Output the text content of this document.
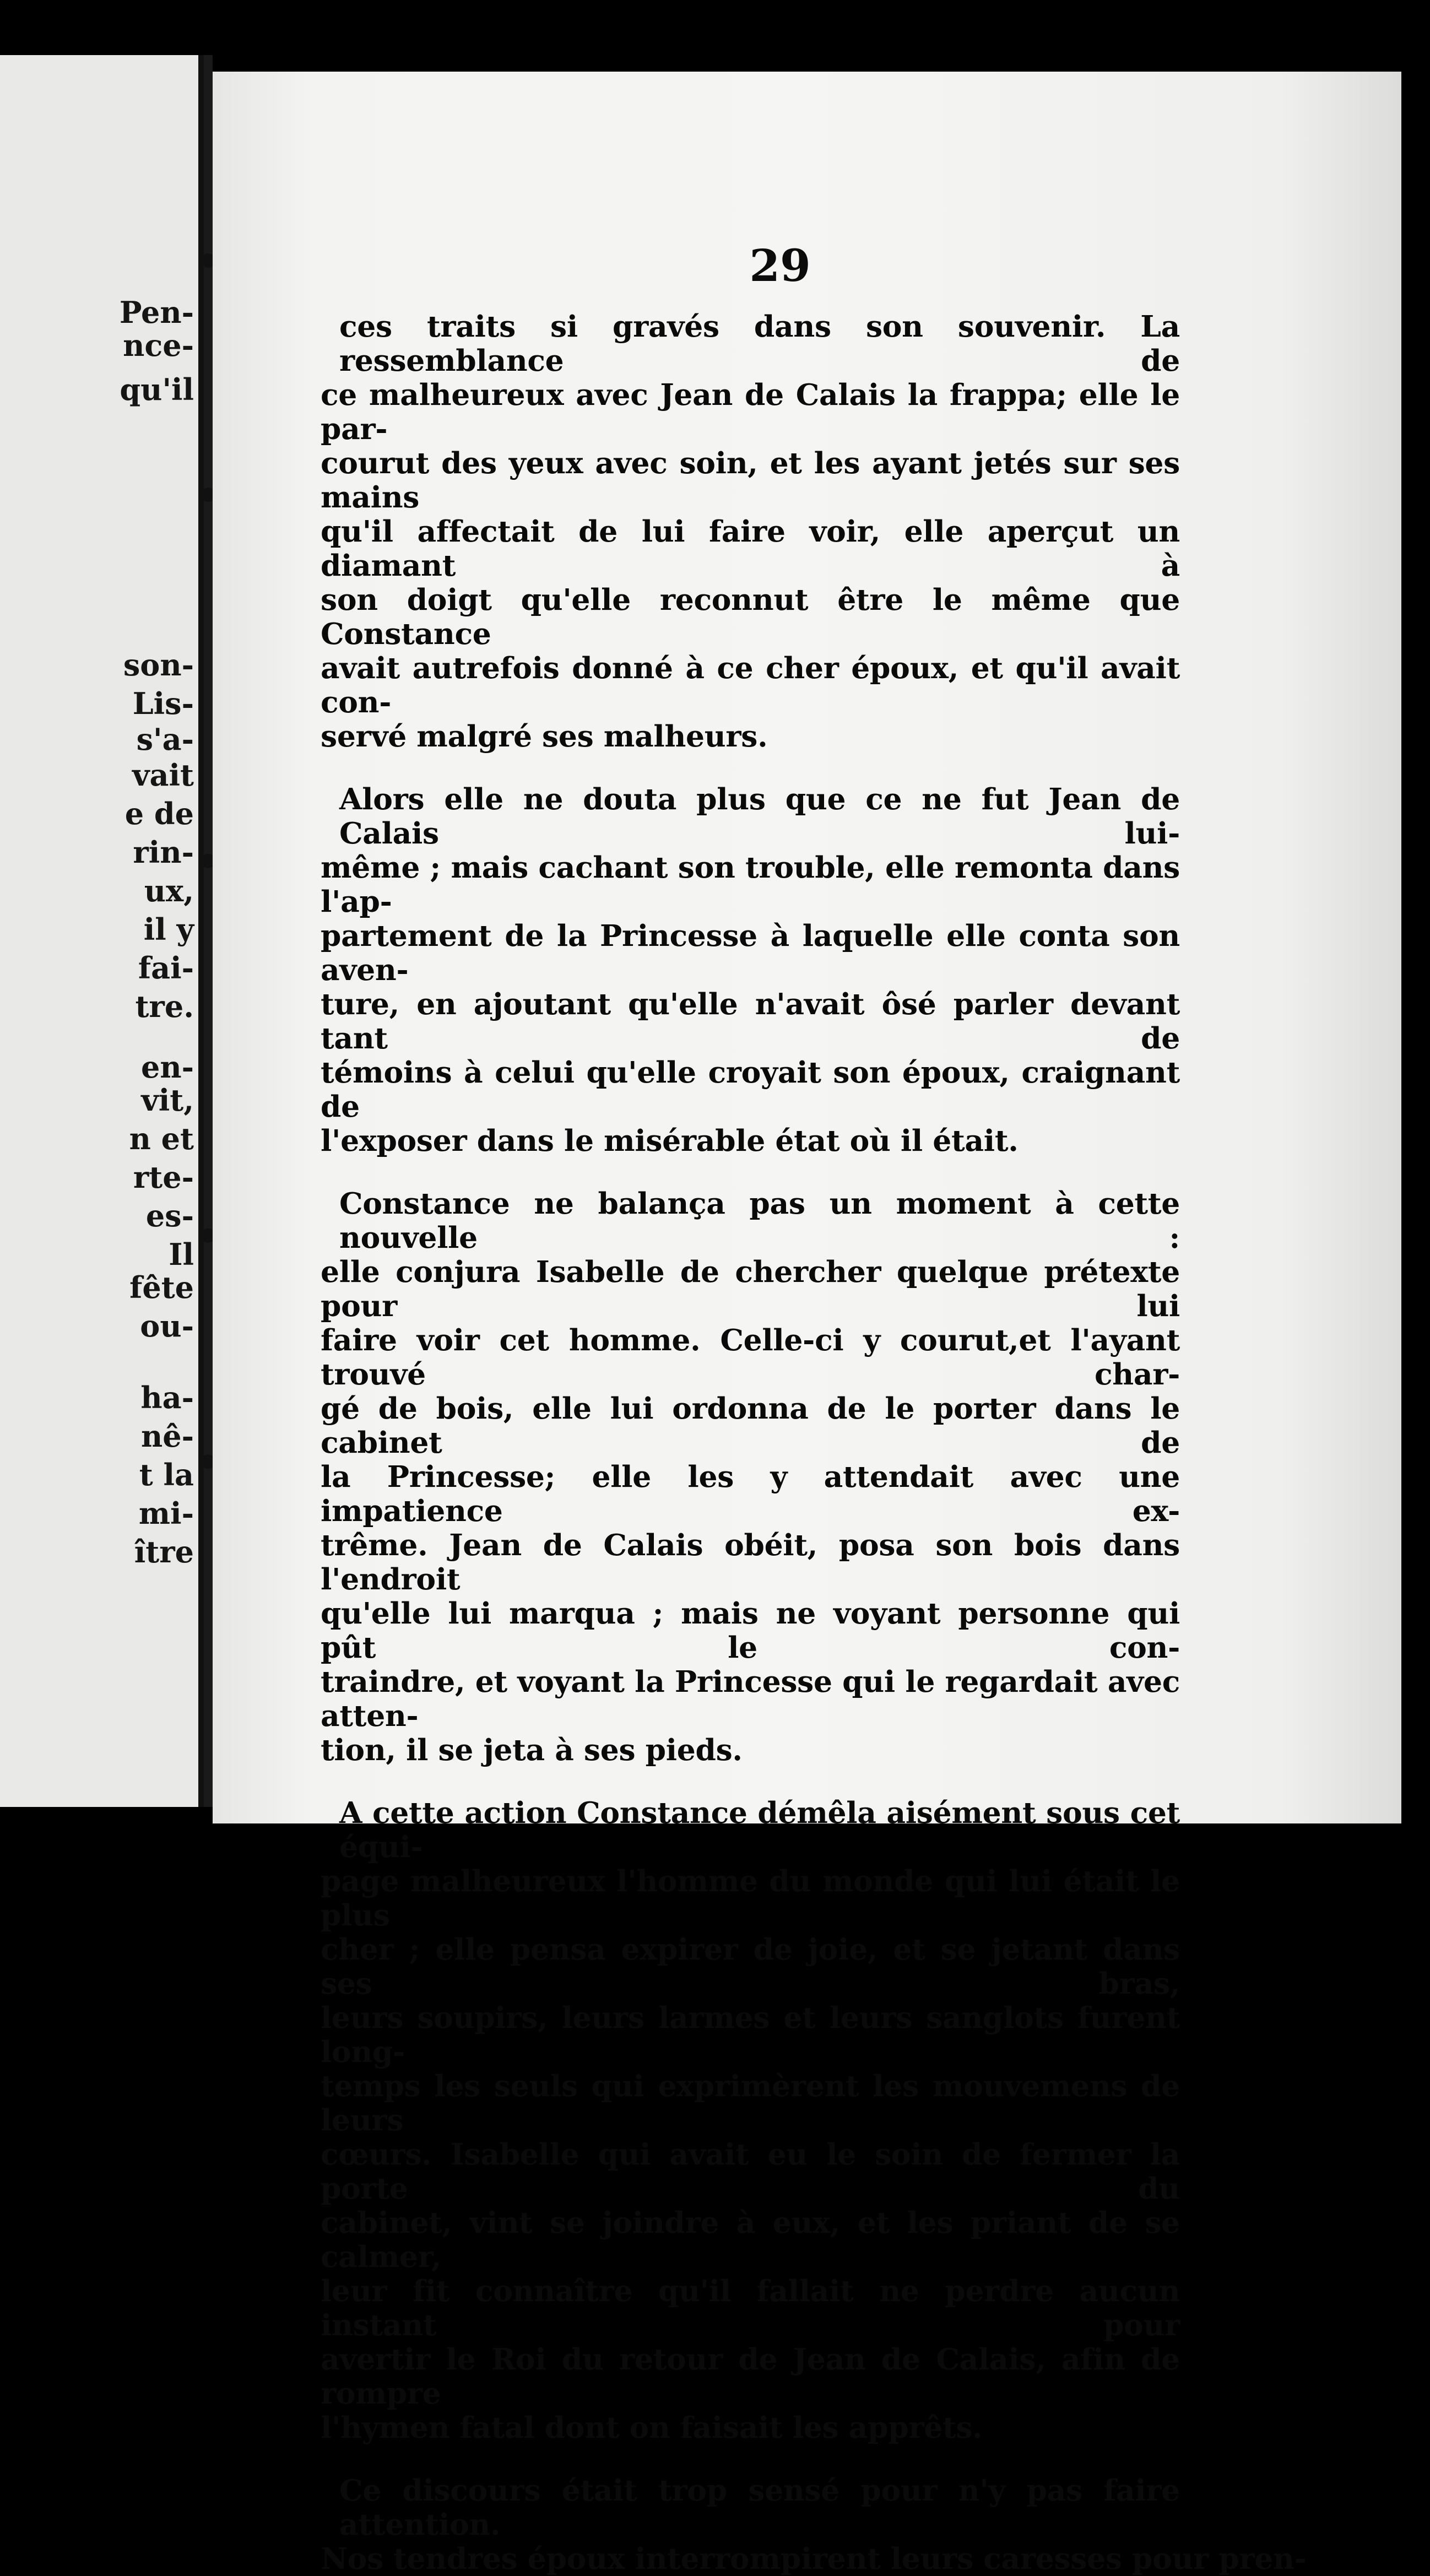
Pen-
nce-
qu'il
son-
Lis-
s'a-
vait
e de
rin-
ux,
il y
fai-
tre.
en-
vit,
n et
rte-
es-
Il
fête
ou-
ha-
nê-
t la
mi-
ître
29
ces traits si gravés dans son souvenir. La ressemblance de
ce malheureux avec Jean de Calais la frappa; elle le par-
courut des yeux avec soin, et les ayant jetés sur ses mains
qu'il affectait de lui faire voir, elle aperçut un diamant à
son doigt qu'elle reconnut être le même que Constance
avait autrefois donné à ce cher époux, et qu'il avait con-
servé malgré ses malheurs.
Alors elle ne douta plus que ce ne fut Jean de Calais lui-
même ; mais cachant son trouble, elle remonta dans l'ap-
partement de la Princesse à laquelle elle conta son aven-
ture, en ajoutant qu'elle n'avait ôsé parler devant tant de
témoins à celui qu'elle croyait son époux, craignant de
l'exposer dans le misérable état où il était.
Constance ne balança pas un moment à cette nouvelle :
elle conjura Isabelle de chercher quelque prétexte pour lui
faire voir cet homme. Celle-ci y courut,et l'ayant trouvé char-
gé de bois, elle lui ordonna de le porter dans le cabinet de
la Princesse; elle les y attendait avec une impatience ex-
trême. Jean de Calais obéit, posa son bois dans l'endroit
qu'elle lui marqua ; mais ne voyant personne qui pût le con-
traindre, et voyant la Princesse qui le regardait avec atten-
tion, il se jeta à ses pieds.
A cette action Constance démêla aisément sous cet équi-
page malheureux l'homme du monde qui lui était le plus
cher ; elle pensa expirer de joie, et se jetant dans ses bras,
leurs soupirs, leurs larmes et leurs sanglots furent long-
temps les seuls qui exprimèrent les mouvemens de leurs
cœurs. Isabelle qui avait eu le soin de fermer la porte du
cabinet, vint se joindre à eux, et les priant de se calmer,
leur fit connaître qu'il fallait ne perdre aucun instant pour
avertir le Roi du retour de Jean de Calais, afin de rompre
l'hymen fatal dont on faisait les apprêts.
Ce discours était trop sensé pour n'y pas faire attention.
Nos tendres époux interrompirent leurs caresses pour pren-
